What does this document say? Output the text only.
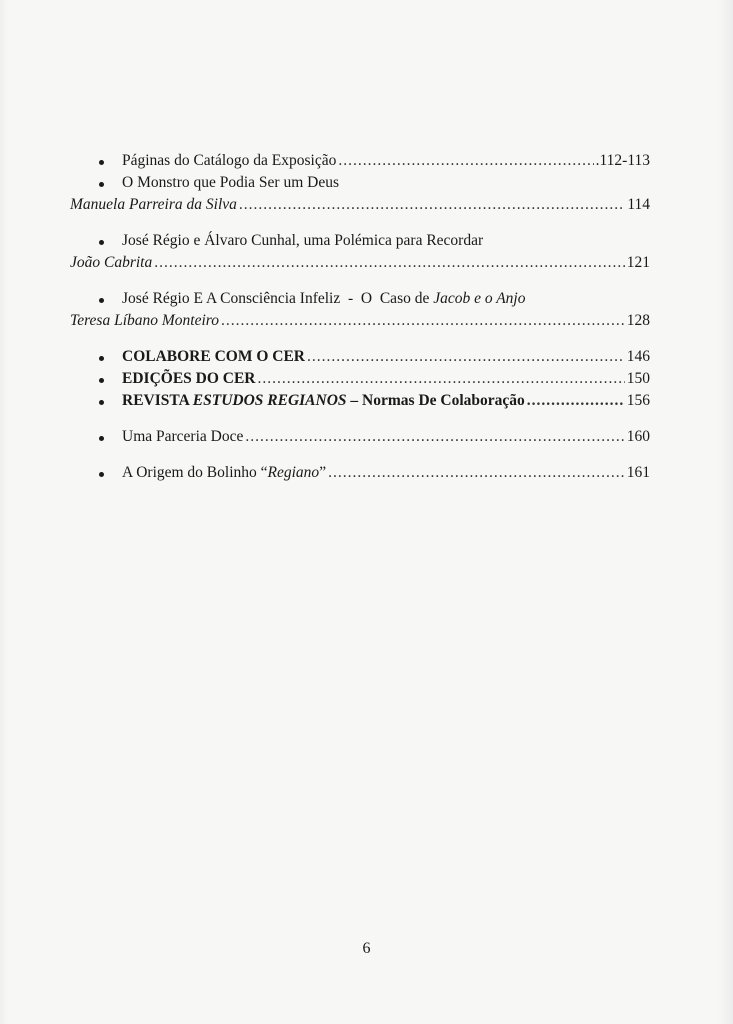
Páginas do Catálogo da Exposição .....	.112-113
O Monstro que Podia Ser um Deus
Manuela Parreira da Silva .....	114
José Régio e Álvaro Cunhal, uma Polémica para Recordar
João Cabrita .....	121
José Régio E A Consciência Infeliz  -  O  Caso de Jacob e o Anjo
Teresa Líbano Monteiro .....	128
COLABORE COM O CER .....	146
EDIÇÕES DO CER .....	150
REVISTA ESTUDOS REGIANOS – Normas De Colaboração .....	156
Uma Parceria Doce .....	160
A Origem do Bolinho “Regiano” .....	161
6
